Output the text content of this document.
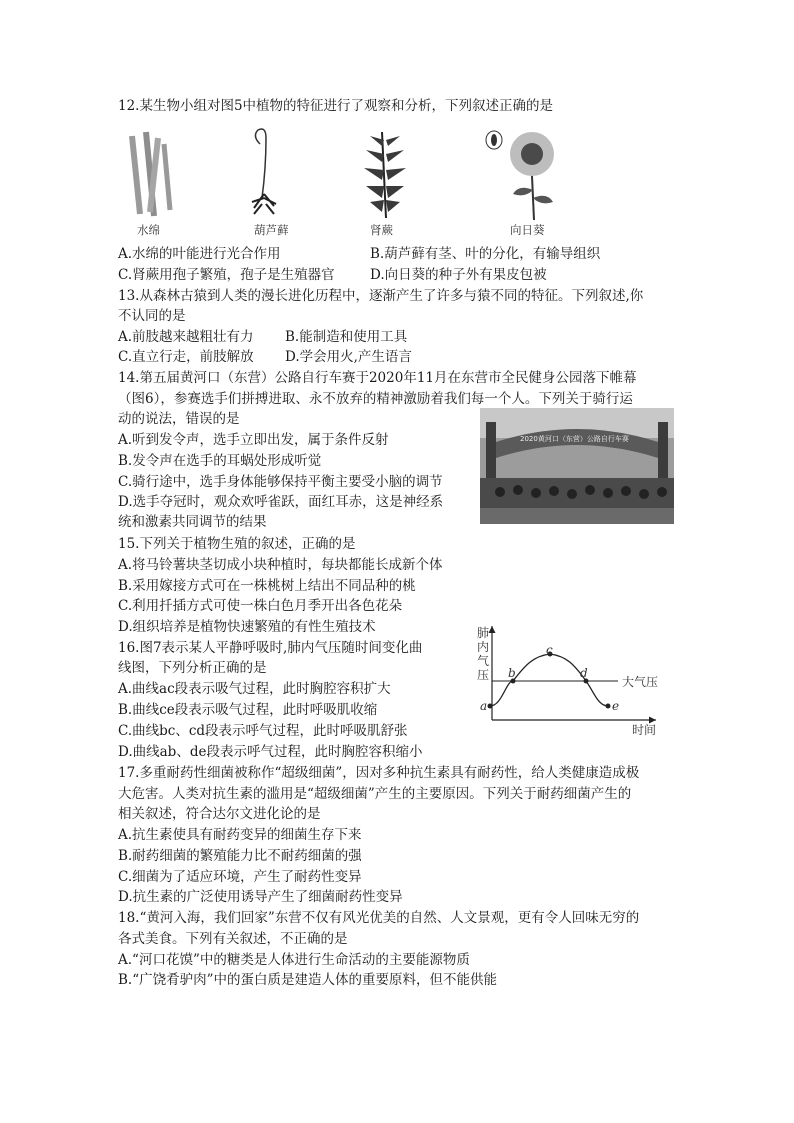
12.某生物小组对图5中植物的特征进行了观察和分析，下列叙述正确的是
水绵	葫芦藓	肾蕨	向日葵
A.水绵的叶能进行光合作用	B.葫芦藓有茎、叶的分化，有输导组织
C.肾蕨用孢子繁殖，孢子是生殖器官	D.向日葵的种子外有果皮包被
13.从森林古猿到人类的漫长进化历程中，逐渐产生了许多与猿不同的特征。下列叙述,你
不认同的是
A.前肢越来越粗壮有力 B.能制造和使用工具
C.直立行走，前肢解放 D.学会用火,产生语言
14.第五届黄河口（东营）公路自行车赛于2020年11月在东营市全民健身公园落下帷幕
（图6），参赛选手们拼搏进取、永不放弃的精神激励着我们每一个人。下列关于骑行运
动的说法，错误的是
A.听到发令声，选手立即出发，属于条件反射
B.发令声在选手的耳蜗处形成听觉
C.骑行途中，选手身体能够保持平衡主要受小脑的调节
D.选手夺冠时，观众欢呼雀跃，面红耳赤，这是神经系
统和激素共同调节的结果
2020黄河口（东营）公路自行车赛
15.下列关于植物生殖的叙述，正确的是
A.将马铃薯块茎切成小块种植时，每块都能长成新个体
B.采用嫁接方式可在一株桃树上结出不同品种的桃
C.利用扦插方式可使一株白色月季开出各色花朵
D.组织培养是植物快速繁殖的有性生殖技术
16.图7表示某人平静呼吸时,肺内气压随时间变化曲
线图，下列分析正确的是
A.曲线ac段表示吸气过程，此时胸腔容积扩大
B.曲线ce段表示吸气过程，此时呼吸肌收缩
C.曲线bc、cd段表示呼气过程，此时呼吸肌舒张
D.曲线ab、de段表示呼气过程，此时胸腔容积缩小
肺内气压
时间
大气压
a
b
c
d
e
17.多重耐药性细菌被称作“超级细菌”，因对多种抗生素具有耐药性，给人类健康造成极
大危害。人类对抗生素的滥用是“超级细菌”产生的主要原因。下列关于耐药细菌产生的
相关叙述，符合达尔文进化论的是
A.抗生素使具有耐药变异的细菌生存下来
B.耐药细菌的繁殖能力比不耐药细菌的强
C.细菌为了适应环境，产生了耐药性变异
D.抗生素的广泛使用诱导产生了细菌耐药性变异
18.“黄河入海，我们回家”东营不仅有风光优美的自然、人文景观，更有令人回味无穷的
各式美食。下列有关叙述，不正确的是
A.“河口花馍”中的糖类是人体进行生命活动的主要能源物质
B.“广饶肴驴肉”中的蛋白质是建造人体的重要原料，但不能供能
